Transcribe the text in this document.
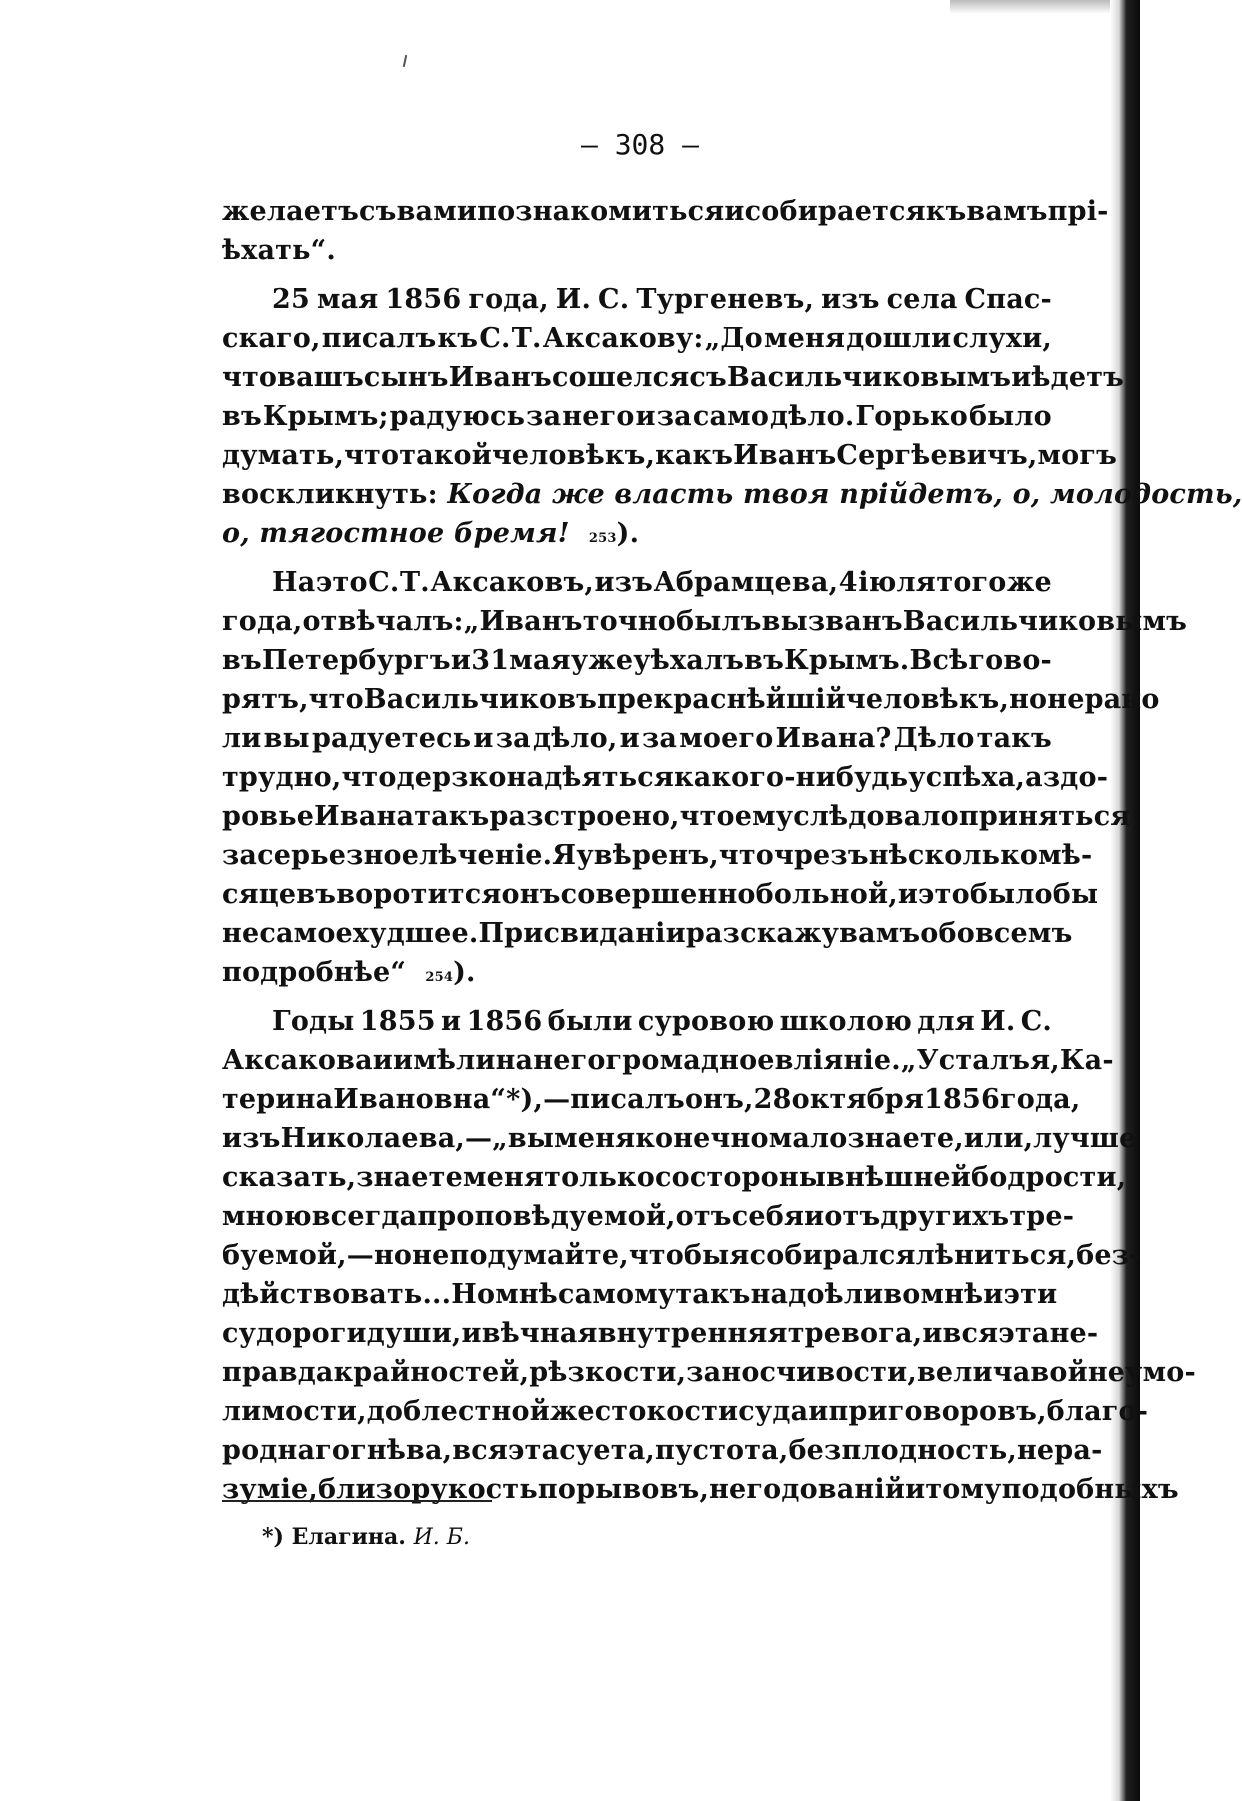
— 308 —
желаетъ съ вами познакомиться и собирается къ вамъ прі-
ѣхать“.
25 мая 1856 года, И. С. Тургеневъ, изъ села Спас-
скаго, писалъ къ С. Т. Аксакову: „До меня дошли слухи,
что вашъ сынъ Иванъ сошелся съ Васильчиковымъ и ѣдетъ
въ Крымъ; радуюсь за него и за само дѣло. Горько было
думать, что такой человѣкъ, какъ Иванъ Сергѣевичъ, могъ
воскликнуть:
Когда же власть твоя прійдетъ, о, молодость,
о, тягостное бремя!
253 ).
На это С. Т. Аксаковъ, изъ Абрамцева, 4 іюля того же
года, отвѣчалъ: „Иванъ точно былъ вызванъ Васильчиковымъ
въ Петербургъ и 31 мая уже уѣхалъ въ Крымъ. Всѣ гово-
рятъ, что Васильчиковъ прекраснѣйшій человѣкъ, но не рано
ли вы радуетесь и за дѣло, и за моего Ивана? Дѣло такъ
трудно, что дерзко надѣяться какого-нибудь успѣха, а здо-
ровье Ивана такъ разстроено, что ему слѣдовало приняться
за серьезное лѣченіе. Я увѣренъ, что чрезъ нѣсколько мѣ-
сяцевъ воротится онъ совершенно больной, и это было бы
не самое худшее. При свиданіи разскажу вамъ обо всемъ
подробнѣе“
254 ).
Годы 1855 и 1856 были суровою школою для И. С.
Аксакова и имѣли на него громадное вліяніе. „Усталъ я, Ка-
терина Ивановна“ *),—писалъ онъ, 28 октября 1856 года,
изъ Николаева,—„вы меня конечно мало знаете, или, лучше
сказать, знаете меня только со стороны внѣшней бодрости,
мною всегда проповѣдуемой, отъ себя и отъ другихъ тре-
буемой,—но не подумайте, чтобы я собирался лѣниться, без-
дѣйствовать... Но мнѣ самому такъ надоѣли во мнѣ и эти
судороги души, и вѣчная внутренняя тревога, и вся эта не-
правда крайностей, рѣзкости, заносчивости, величавой неумо-
лимости, доблестной жестокости суда и приговоровъ, благо-
роднаго гнѣва, вся эта суета, пустота, безплодность, нера-
зуміе, близорукость порывовъ, негодованій и тому подобныхъ
*) Елагина. И. Б.
